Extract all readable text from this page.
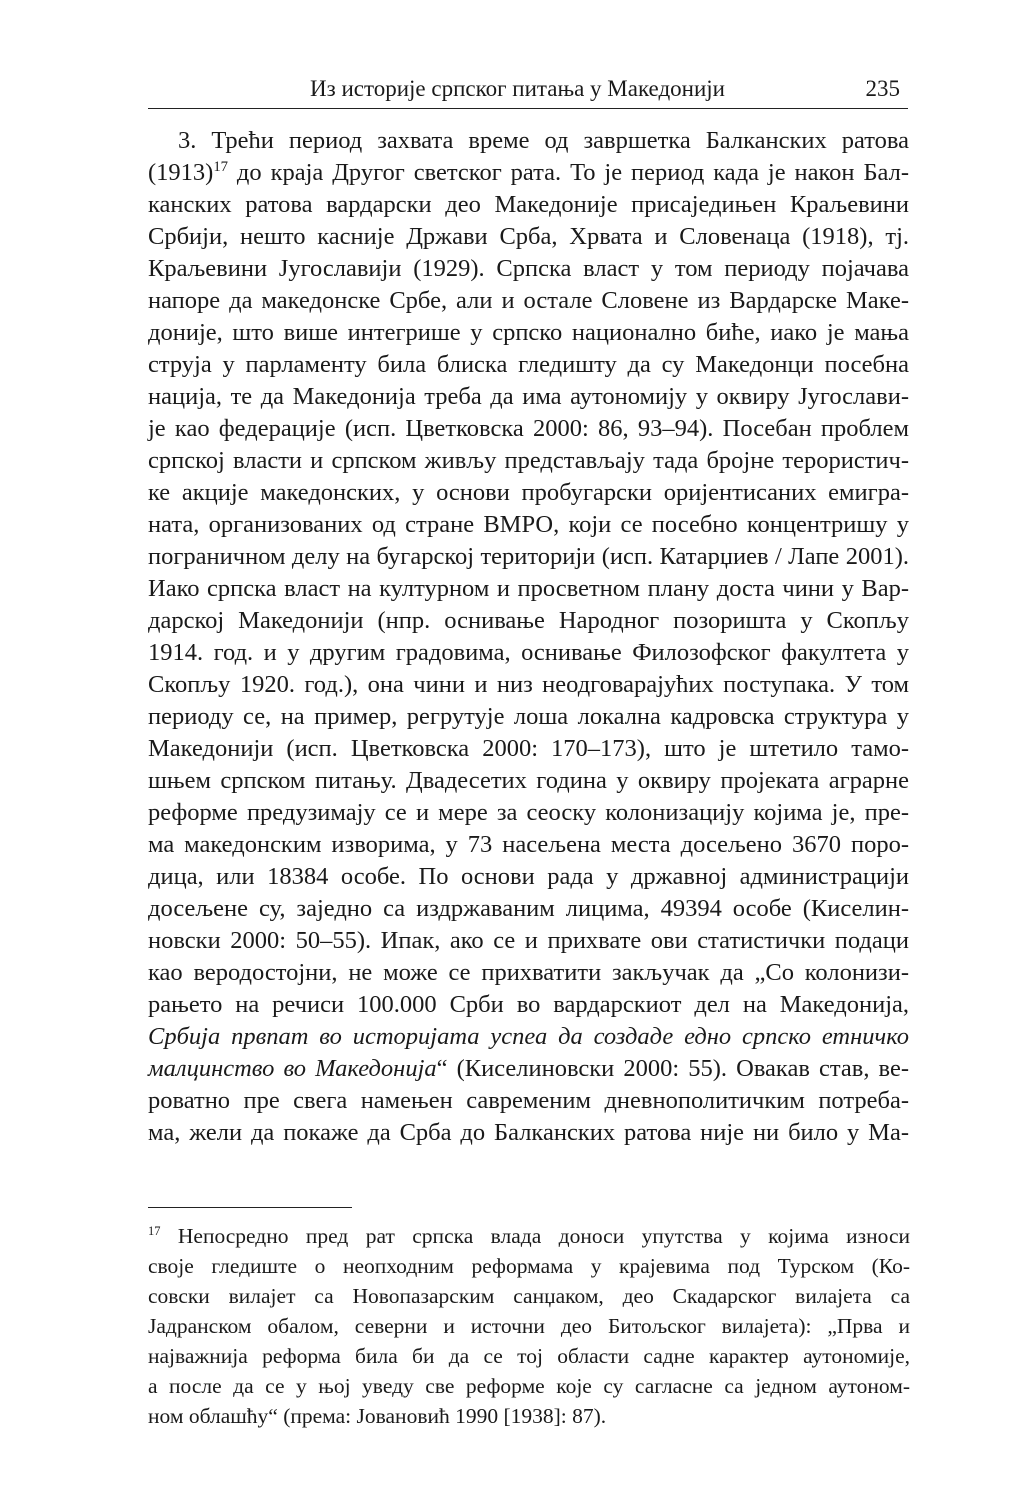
Из историје српског питања у Македонији	235
3. Трећи период захвата време од завршетка Балканских ратова
$(1913)^{17}$ до краја Другог светског рата. То је период када је након Бал-
канских ратова вардарски део Македоније присаједињен Краљевини
Србији, нешто касније Држави Срба, Хрвата и Словенаца (1918), тј.
Краљевини Југославији (1929). Српска власт у том периоду појачава
напоре да македонске Србе, али и остале Словене из Вардарске Маке-
доније, што више интегрише у српско национално биће, иако је мања
струја у парламенту била блиска гледишту да су Македонци посебна
нација, те да Македонија треба да има аутономију у оквиру Југослави-
је као федерације (исп. Цветковска 2000: 86, 93–94). Посебан проблем
српској власти и српском живљу представљају тада бројне терористич-
ке акције македонских, у основи пробугарски оријентисаних емигра-
ната, организованих од стране ВМРО, који се посебно концентришу у
пограничном делу на бугарској територији (исп. Катарџиев / Лапе 2001).
Иако српска власт на културном и просветном плану доста чини у Вар-
дарској Македонији (нпр. оснивање Народног позоришта у Скопљу
1914. год. и у другим градовима, оснивање Филозофског факултета у
Скопљу 1920. год.), она чини и низ неодговарајућих поступака. У том
периоду се, на пример, регрутује лоша локална кадровска структура у
Македонији (исп. Цветковска 2000: 170–173), што је штетило тамо-
шњем српском питању. Двадесетих година у оквиру пројеката аграрне
реформе предузимају се и мере за сеоску колонизацију којима је, пре-
ма македонским изворима, у 73 насељена места досељено 3670 поро-
дица, или 18384 особе. По основи рада у државној администрацији
досељене су, заједно са издржаваним лицима, 49394 особе (Киселин-
новски 2000: 50–55). Ипак, ако се и прихвате ови статистички подаци
као веродостојни, не може се прихватити закључак да „Со колонизи-
рањето на речиси 100.000 Срби во вардарскиот дел на Македонија,
Србија првпат во историјата успеа да создаде едно српско етничко
малцинство во Македонија“ (Киселиновски 2000: 55). Овакав став, ве-
роватно пре свега намењен савременим дневнополитичким потреба-
ма, жели да покаже да Срба до Балканских ратова није ни било у Ма-
$^{17}$ Непосредно пред рат српска влада доноси упутства у којима износи
своје гледиште о неопходним реформама у крајевима под Турском (Ко-
совски вилајет са Новопазарским санџаком, део Скадарског вилајета са
Јадранском обалом, северни и источни део Битољског вилајета): „Прва и
најважнија реформа била би да се тој области садне карактер аутономије,
а после да се у њој уведу све реформе које су сагласне са једном аутоном-
ном облашћу“ (према: Јовановић 1990 [1938]: 87).
